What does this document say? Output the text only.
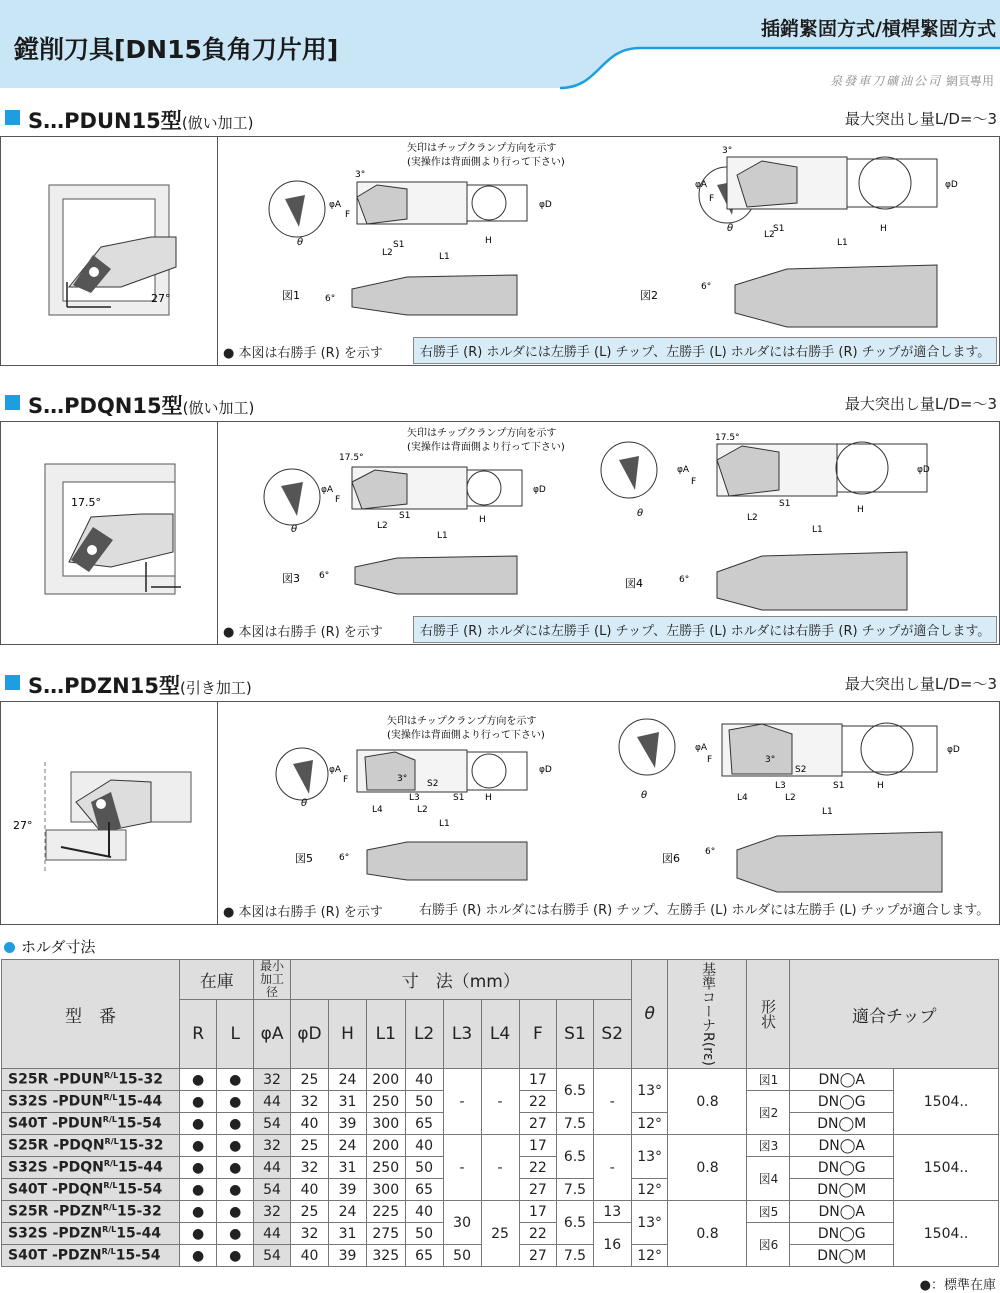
鏜削刀具[DN15負角刀片用]
插銷緊固方式/槓桿緊固方式
泉發車刀礦油公司 網頁專用
S…PDUN15型(倣い加工)	最大突出し量L/D=～3
27°
矢印はチップクランプ方向を示す
(実操作は背面側より行って下さい)
θ
3°
φA
F
φD
S1
L2
H
L1
図1	6°
θ
3°
φA
F
φD
S1
L2
H
L1
図2
6°
● 本図は右勝手 (R) を示す	右勝手 (R) ホルダには左勝手 (L) チップ、左勝手 (L) ホルダには右勝手 (R) チップが適合します。
S…PDQN15型(倣い加工)	最大突出し量L/D=～3
17.5°
矢印はチップクランプ方向を示す
(実操作は背面側より行って下さい)
θ
17.5°
φA
F
φD
S1
L2
H
L1
図3 6°
θ
17.5°
φA
F
φD
S1
L2
H
L1
図4	6°
● 本図は右勝手 (R) を示す	右勝手 (R) ホルダには左勝手 (L) チップ、左勝手 (L) ホルダには右勝手 (R) チップが適合します。
S…PDZN15型(引き加工)	最大突出し量L/D=～3
27°
矢印はチップクランプ方向を示す
(実操作は背面側より行って下さい)
θ
3°
φA
F
φD
S2
S1
L3
L2
L4
H
L1
図5	6°
θ
3°
φA
F
φD
S2
S1
L3
L2
L4
H
L1
図6	6°
● 本図は右勝手 (R) を示す	右勝手 (R) ホルダには右勝手 (R) チップ、左勝手 (L) ホルダには左勝手 (L) チップが適合します。
ホルダ寸法
型　番	在庫		最小加工径	寸　法（mm）									θ	基準コーナR(rε)	形状	適合チップ	
	R	L	φA	φD	H	L1	L2	L3	L4	F	S1	S2					
S25R $-PDUN^{R/L}15-32$	●	●	32	25	24	200	40	-	-	17	6.5	-	13°	0.8	図1	DN◯A	1504..
S32S $-PDUN^{R/L}15-44$	●	●	44	32	31	250	50			22					図2	DN◯G	
S40T $-PDUN^{R/L}15-54$	●	●	54	40	39	300	65			27	7.5		12°			DN◯M	
S25R $-PDQN^{R/L}15-32$	●	●	32	25	24	200	40	-	-	17	6.5	-	13°	0.8	図3	DN◯A	1504..
S32S $-PDQN^{R/L}15-44$	●	●	44	32	31	250	50			22					図4	DN◯G	
S40T $-PDQN^{R/L}15-54$	●	●	54	40	39	300	65			27	7.5		12°			DN◯M	
S25R $-PDZN^{R/L}15-32$	●	●	32	25	24	225	40	30	25	17	6.5	13	13°	0.8	図5	DN◯A	1504..
S32S $-PDZN^{R/L}15-44$	●	●	44	32	31	275	50			22		16			図6	DN◯G	
S40T $-PDZN^{R/L}15-54$	●	●	54	40	39	325	65	50		27	7.5		12°			DN◯M	
●：標準在庫
